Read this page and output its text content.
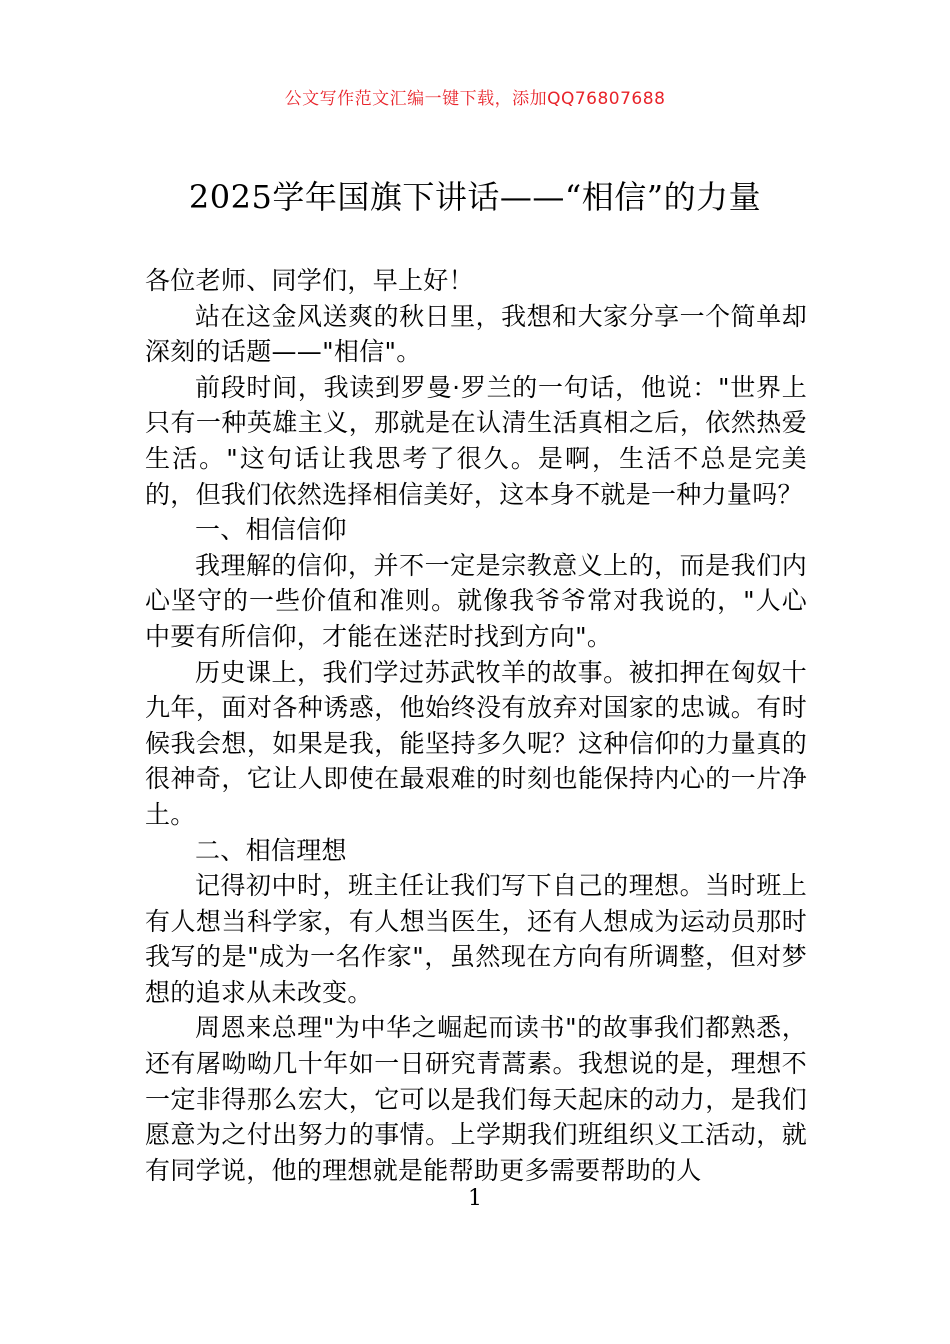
公文写作范文汇编一键下载，添加QQ76807688
2025学年国旗下讲话——“相信”的力量

各位老师、同学们，早上好！

站在这金风送爽的秋日里，我想和大家分享一个简单却深刻的话题——"相信"。

前段时间，我读到罗曼·罗兰的一句话，他说："世界上只有一种英雄主义，那就是在认清生活真相之后，依然热爱生活。"这句话让我思考了很久。是啊，生活不总是完美的，但我们依然选择相信美好，这本身不就是一种力量吗？

一、相信信仰

我理解的信仰，并不一定是宗教意义上的，而是我们内心坚守的一些价值和准则。就像我爷爷常对我说的，"人心中要有所信仰，才能在迷茫时找到方向"。

历史课上，我们学过苏武牧羊的故事。被扣押在匈奴十九年，面对各种诱惑，他始终没有放弃对国家的忠诚。有时候我会想，如果是我，能坚持多久呢？这种信仰的力量真的很神奇，它让人即使在最艰难的时刻也能保持内心的一片净土。

二、相信理想

记得初中时，班主任让我们写下自己的理想。当时班上有人想当科学家，有人想当医生，还有人想成为运动员那时我写的是"成为一名作家"，虽然现在方向有所调整，但对梦想的追求从未改变。

周恩来总理"为中华之崛起而读书"的故事我们都熟悉，还有屠呦呦几十年如一日研究青蒿素。我想说的是，理想不一定非得那么宏大，它可以是我们每天起床的动力，是我们愿意为之付出努力的事情。上学期我们班组织义工活动，就有同学说，他的理想就是能帮助更多需要帮助的人

1
